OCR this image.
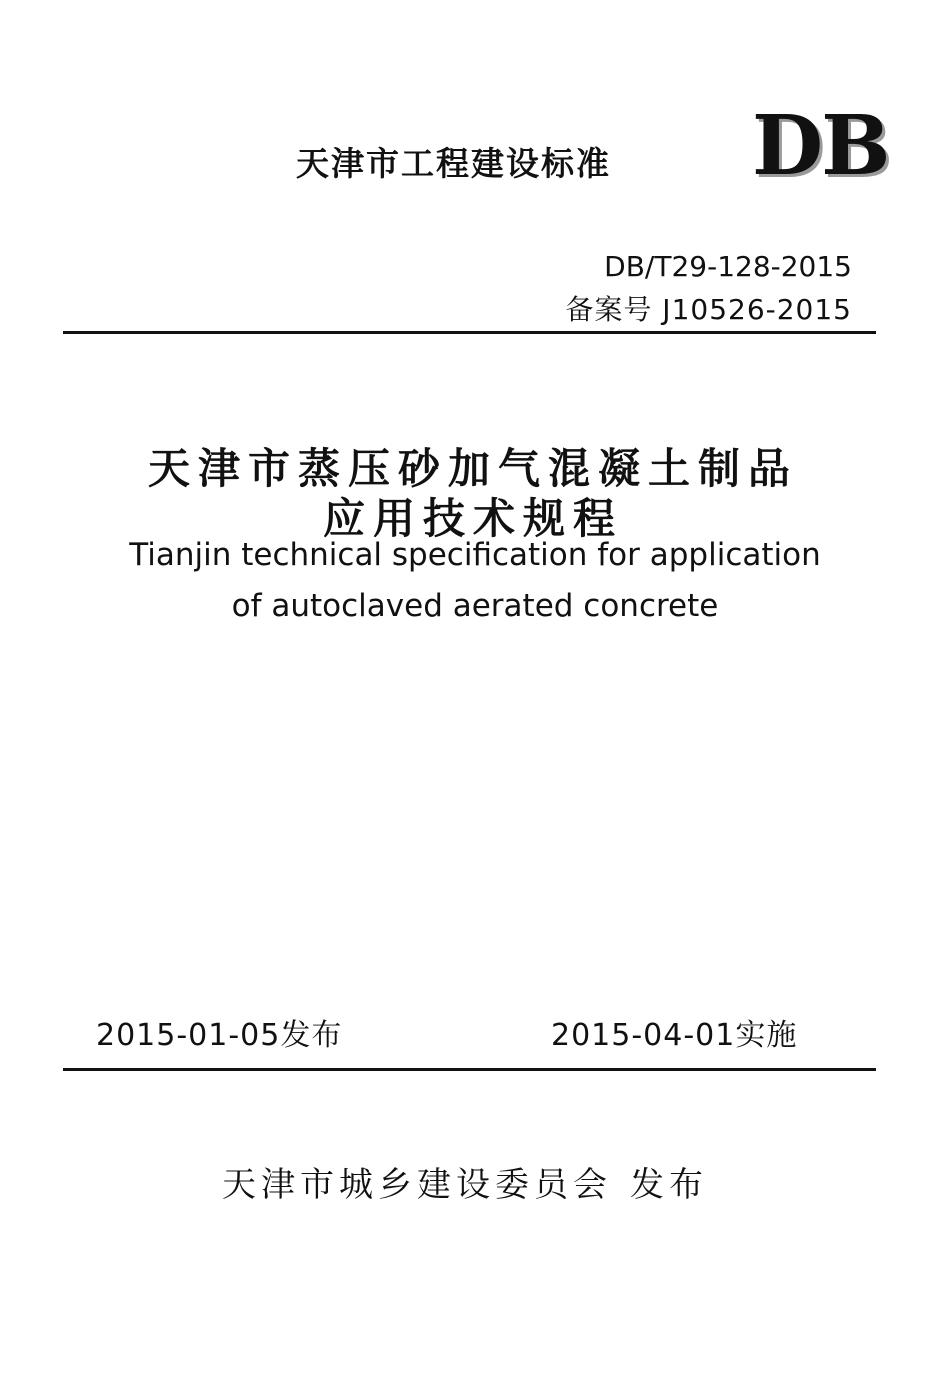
天津市工程建设标准 DB
DB/T29-128-2015
备案号 J10526-2015
天津市蒸压砂加气混凝土制品
应用技术规程
Tianjin technical specification for application
of autoclaved aerated concrete
2015-01-05发布	2015-04-01实施
天津市城乡建设委员会 发布
